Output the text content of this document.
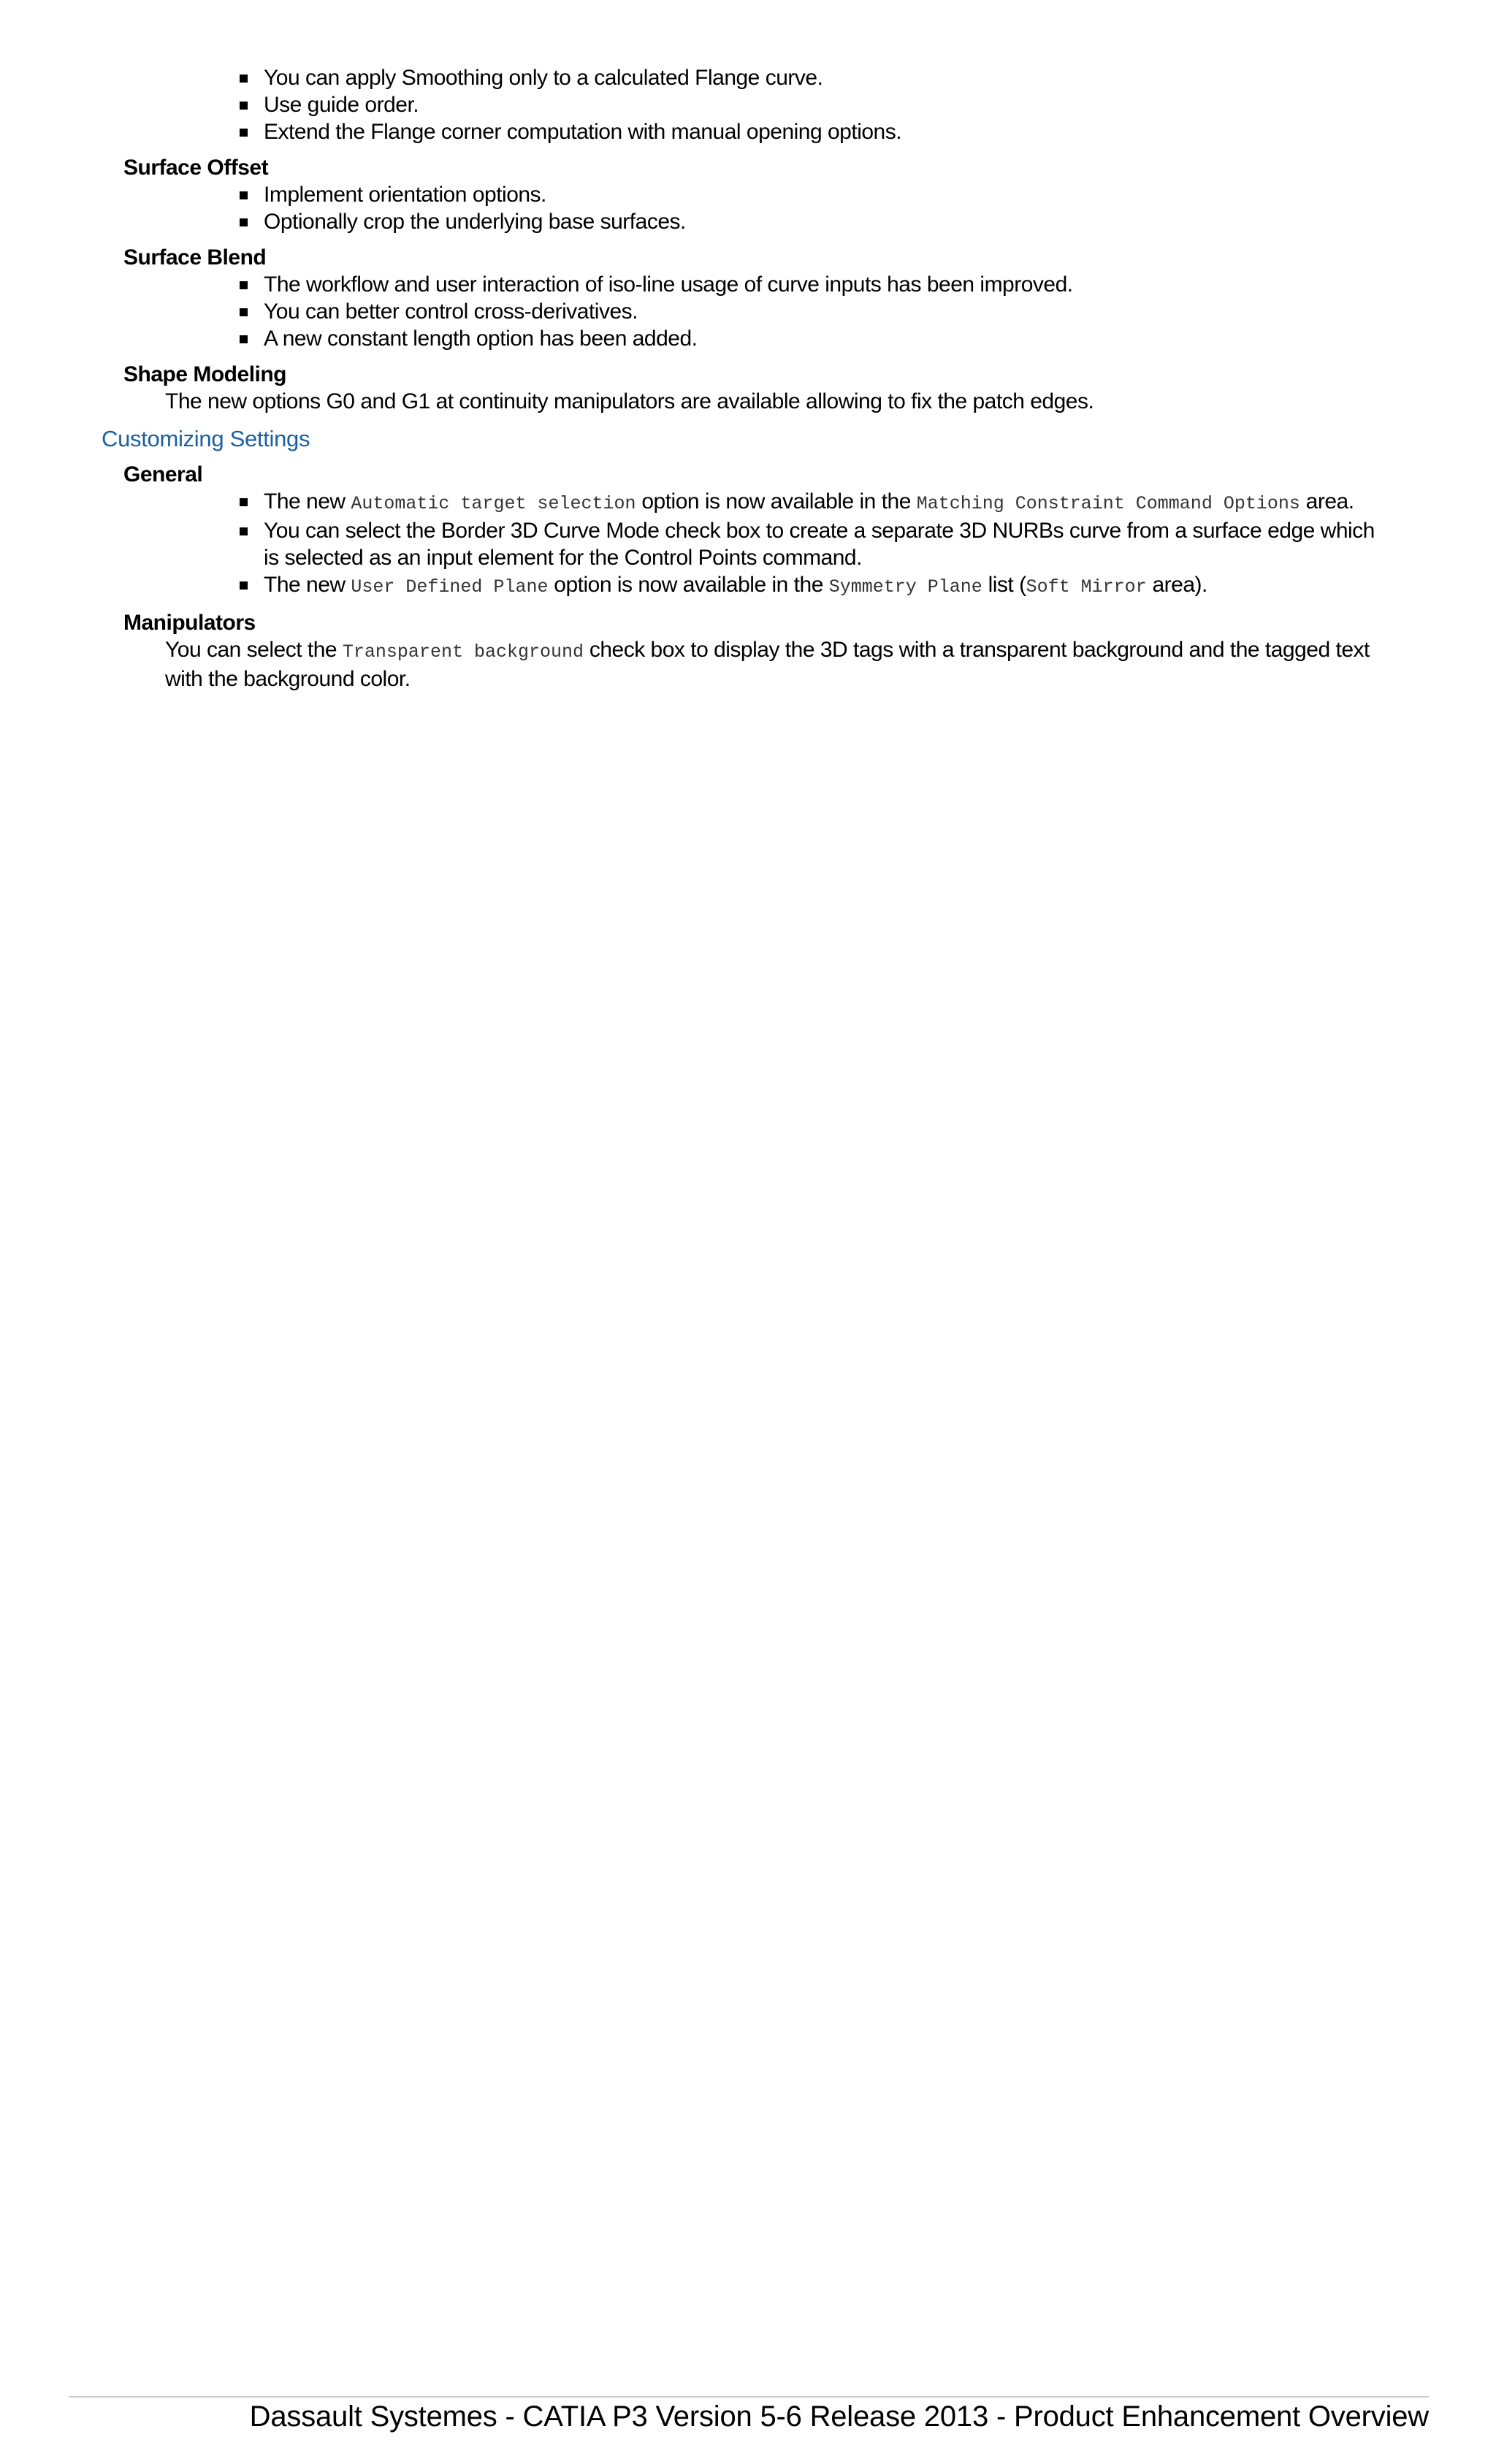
You can apply Smoothing only to a calculated Flange curve.
Use guide order.
Extend the Flange corner computation with manual opening options.
Surface Offset
Implement orientation options.
Optionally crop the underlying base surfaces.
Surface Blend
The workflow and user interaction of iso-line usage of curve inputs has been improved.
You can better control cross-derivatives.
A new constant length option has been added.
Shape Modeling

The new options G0 and G1 at continuity manipulators are available allowing to fix the patch edges.

Customizing Settings
General
The new Automatic target selection option is now available in the Matching Constraint Command Options area.
You can select the Border 3D Curve Mode check box to create a separate 3D NURBs curve from a surface edge which is selected as an input element for the Control Points command.
The new User Defined Plane option is now available in the Symmetry Plane list (Soft Mirror area).
Manipulators

You can select the Transparent background check box to display the 3D tags with a transparent background and the tagged text with the background color.

Dassault Systemes - CATIA P3 Version 5-6 Release 2013 - Product Enhancement Overview
